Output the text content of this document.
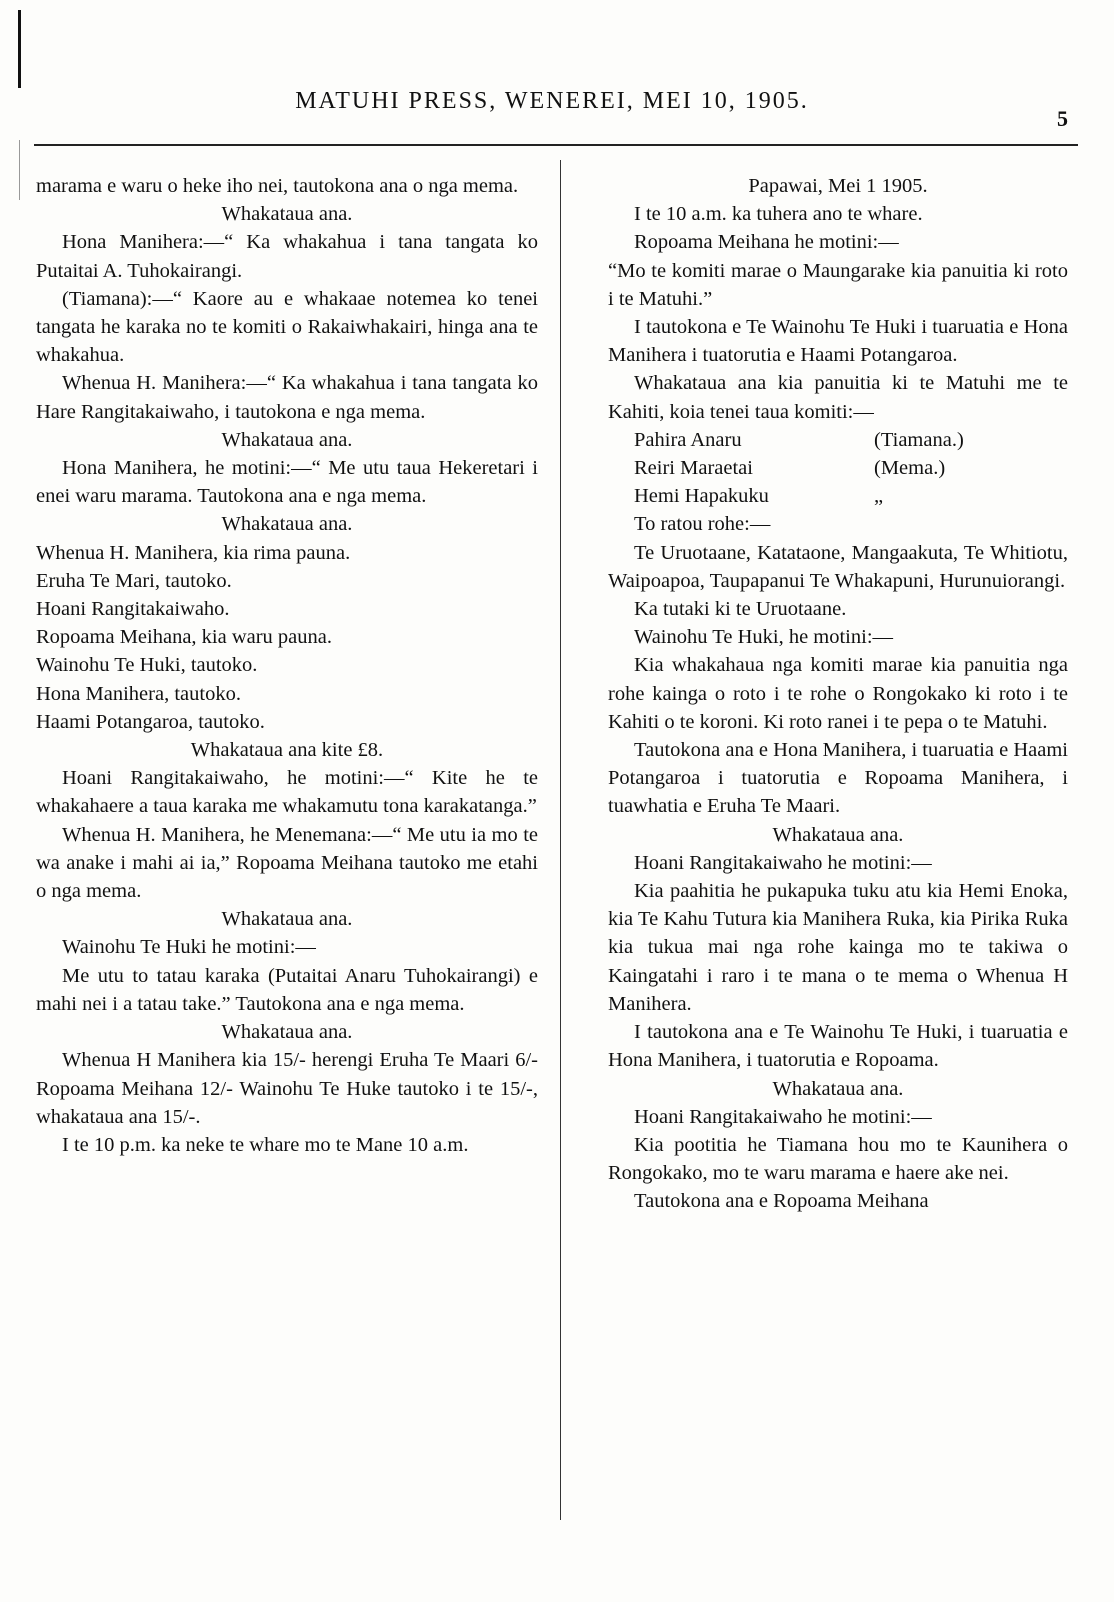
MATUHI PRESS, WENEREI, MEI 10, 1905.
5

marama e waru o heke iho nei, tautokona ana o nga mema.

Whakataua ana.

Hona Manihera:—“ Ka whakahua i tana tangata ko Putaitai A. Tuhokairangi.

(Tiamana):—“ Kaore au e whakaae notemea ko tenei tangata he karaka no te komiti o Rakaiwhakairi, hinga ana te whakahua.

Whenua H. Manihera:—“ Ka whakahua i tana tangata ko Hare Rangitakaiwaho, i tautokona e nga mema.

Whakataua ana.

Hona Manihera, he motini:—“ Me utu taua Hekeretari i enei waru marama. Tautokona ana e nga mema.

Whakataua ana.

Whenua H. Manihera, kia rima pauna.

Eruha Te Mari, tautoko.

Hoani Rangitakaiwaho.

Ropoama Meihana, kia waru pauna.

Wainohu Te Huki, tautoko.

Hona Manihera, tautoko.

Haami Potangaroa, tautoko.

Whakataua ana kite £8.

Hoani Rangitakaiwaho, he motini:—“ Kite he te whakahaere a taua karaka me whakamutu tona karakatanga.”

Whenua H. Manihera, he Menemana:—“ Me utu ia mo te wa anake i mahi ai ia,” Ropoama Meihana tautoko me etahi o nga mema.

Whakataua ana.

Wainohu Te Huki he motini:—

Me utu to tatau karaka (Putaitai Anaru Tuhokairangi) e mahi nei i a tatau take.” Tautokona ana e nga mema.

Whakataua ana.

Whenua H Manihera kia 15/- herengi Eruha Te Maari 6/- Ropoama Meihana 12/- Wainohu Te Huke tautoko i te 15/-, whakataua ana 15/-.

I te 10 p.m. ka neke te whare mo te Mane 10 a.m.

Papawai, Mei 1 1905.

I te 10 a.m. ka tuhera ano te whare.

Ropoama Meihana he motini:—

“Mo te komiti marae o Maungarake kia panuitia ki roto i te Matuhi.”

I tautokona e Te Wainohu Te Huki i tuaruatia e Hona Manihera i tuatorutia e Haami Potangaroa.

Whakataua ana kia panuitia ki te Matuhi me te Kahiti, koia tenei taua komiti:—

Pahira Anaru	(Tiamana.)
Reiri Maraetai	(Mema.)
Hemi Hapakuku	„

To ratou rohe:—

Te Uruotaane, Katataone, Mangaakuta, Te Whitiotu, Waipoapoa, Taupapanui Te Whakapuni, Hurunuiorangi.

Ka tutaki ki te Uruotaane.

Wainohu Te Huki, he motini:—

Kia whakahaua nga komiti marae kia panuitia nga rohe kainga o roto i te rohe o Rongokako ki roto i te Kahiti o te koroni. Ki roto ranei i te pepa o te Matuhi.

Tautokona ana e Hona Manihera, i tuaruatia e Haami Potangaroa i tuatorutia e Ropoama Manihera, i tuawhatia e Eruha Te Maari.

Whakataua ana.

Hoani Rangitakaiwaho he motini:—

Kia paahitia he pukapuka tuku atu kia Hemi Enoka, kia Te Kahu Tutura kia Manihera Ruka, kia Pirika Ruka kia tukua mai nga rohe kainga mo te takiwa o Kaingatahi i raro i te mana o te mema o Whenua H Manihera.

I tautokona ana e Te Wainohu Te Huki, i tuaruatia e Hona Manihera, i tuatorutia e Ropoama.

Whakataua ana.

Hoani Rangitakaiwaho he motini:—

Kia pootitia he Tiamana hou mo te Kaunihera o Rongokako, mo te waru marama e haere ake nei.

Tautokona ana e Ropoama Meihana
